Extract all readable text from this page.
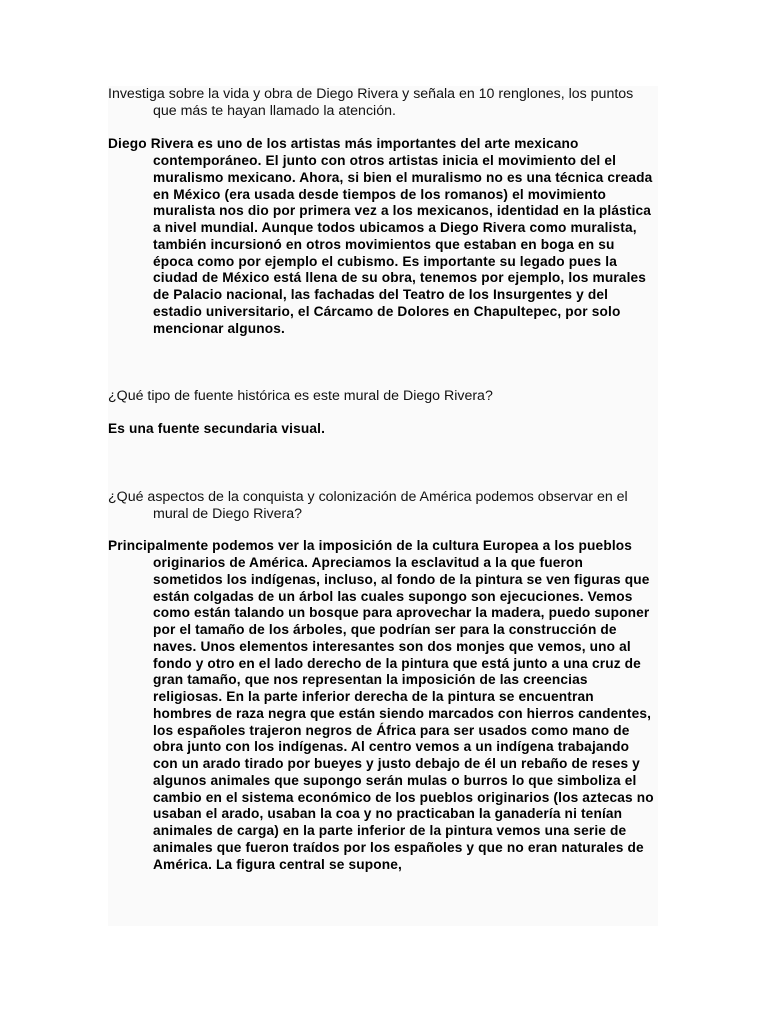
Investiga sobre la vida y obra de Diego Rivera y señala en 10 renglones, los puntos que más te hayan llamado la atención.

Diego Rivera es uno de los artistas más importantes del arte mexicano contemporáneo. El junto con otros artistas inicia el movimiento del el muralismo mexicano. Ahora, si bien el muralismo no es una técnica creada en México (era usada desde tiempos de los romanos) el movimiento muralista nos dio por primera vez a los mexicanos, identidad en la plástica a nivel mundial. Aunque todos ubicamos a Diego Rivera como muralista, también incursionó en otros movimientos que estaban en boga en su época como por ejemplo el cubismo. Es importante su legado pues la ciudad de México está llena de su obra, tenemos por ejemplo, los murales de Palacio nacional, las fachadas del Teatro de los Insurgentes y del estadio universitario, el Cárcamo de Dolores en Chapultepec, por solo mencionar algunos.

¿Qué tipo de fuente histórica es este mural de Diego Rivera?

Es una fuente secundaria visual.

¿Qué aspectos de la conquista y colonización de América podemos observar en el mural de Diego Rivera?

Principalmente podemos ver la imposición de la cultura Europea a los pueblos originarios de América. Apreciamos la esclavitud a la que fueron sometidos los indígenas, incluso, al fondo de la pintura se ven figuras que están colgadas de un árbol las cuales supongo son ejecuciones. Vemos como están talando un bosque para aprovechar la madera, puedo suponer por el tamaño de los árboles, que podrían ser para la construcción de naves. Unos elementos interesantes son dos monjes que vemos, uno al fondo y otro en el lado derecho de la pintura que está junto a una cruz de gran tamaño, que nos representan la imposición de las creencias religiosas. En la parte inferior derecha de la pintura se encuentran hombres de raza negra que están siendo marcados con hierros candentes, los españoles trajeron negros de África para ser usados como mano de obra junto con los indígenas. Al centro vemos a un indígena trabajando con un arado tirado por bueyes y justo debajo de él un rebaño de reses y algunos animales que supongo serán mulas o burros lo que simboliza el cambio en el sistema económico de los pueblos originarios (los aztecas no usaban el arado, usaban la coa y no practicaban la ganadería ni tenían animales de carga) en la parte inferior de la pintura vemos una serie de animales que fueron traídos por los españoles y que no eran naturales de América. La figura central se supone,
